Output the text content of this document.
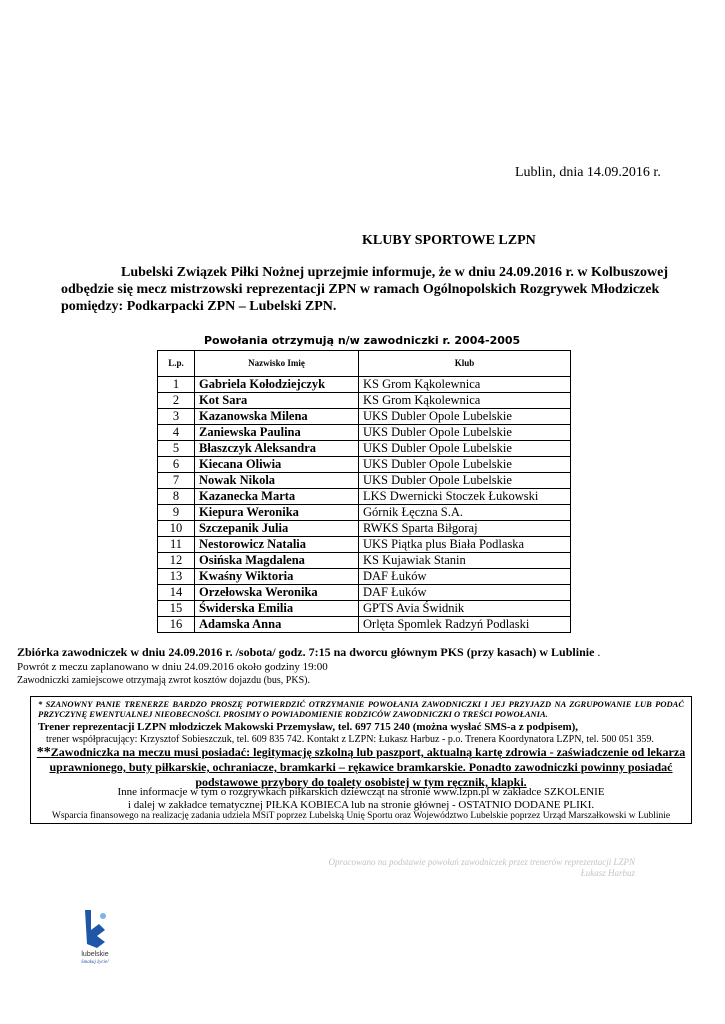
Lublin, dnia 14.09.2016 r.
KLUBY SPORTOWE LZPN
Lubelski Związek Piłki Nożnej uprzejmie informuje, że w dniu 24.09.2016 r. w Kolbuszowej odbędzie się mecz mistrzowski reprezentacji ZPN w ramach Ogólnopolskich Rozgrywek Młodziczek pomiędzy: Podkarpacki ZPN – Lubelski ZPN.
Powołania otrzymują n/w zawodniczki r. 2004-2005
L.p.	Nazwisko Imię	Klub
1	Gabriela Kołodziejczyk	KS Grom Kąkolewnica
2	Kot Sara	KS Grom Kąkolewnica
3	Kazanowska Milena	UKS Dubler Opole Lubelskie
4	Zaniewska Paulina	UKS Dubler Opole Lubelskie
5	Błaszczyk Aleksandra	UKS Dubler Opole Lubelskie
6	Kiecana Oliwia	UKS Dubler Opole Lubelskie
7	Nowak Nikola	UKS Dubler Opole Lubelskie
8	Kazanecka Marta	LKS Dwernicki Stoczek Łukowski
9	Kiepura Weronika	Górnik Łęczna S.A.
10	Szczepanik Julia	RWKS Sparta Biłgoraj
11	Nestorowicz Natalia	UKS Piątka plus Biała Podlaska
12	Osińska Magdalena	KS Kujawiak Stanin
13	Kwaśny Wiktoria	DAF Łuków
14	Orzełowska Weronika	DAF Łuków
15	Świderska Emilia	GPTS Avia Świdnik
16	Adamska Anna	Orlęta Spomlek Radzyń Podlaski
Zbiórka zawodniczek w dniu 24.09.2016 r. /sobota/ godz. 7:15 na dworcu głównym PKS (przy kasach) w Lublinie .
Powrót z meczu zaplanowano w dniu 24.09.2016 około godziny 19:00
Zawodniczki zamiejscowe otrzymają zwrot kosztów dojazdu (bus, PKS).
* SZANOWNY PANIE TRENERZE BARDZO PROSZĘ POTWIERDZIĆ OTRZYMANIE POWOŁANIA ZAWODNICZKI I JEJ PRZYJAZD NA ZGRUPOWANIE LUB PODAĆ PRZYCZYNĘ EWENTUALNEJ NIEOBECNOŚCI. PROSIMY O POWIADOMIENIE RODZICÓW ZAWODNICZKI O TREŚCI POWOŁANIA.
Trener reprezentacji LZPN młodziczek Makowski Przemysław, tel. 697 715 240 (można wysłać SMS-a z podpisem),
trener współpracujący: Krzysztof Sobieszczuk, tel. 609 835 742. Kontakt z LZPN: Łukasz Harbuz - p.o. Trenera Koordynatora LZPN, tel. 500 051 359.
**Zawodniczka na meczu musi posiadać: legitymację szkolną lub paszport, aktualną kartę zdrowia - zaświadczenie od lekarza uprawnionego, buty piłkarskie, ochraniacze, bramkarki – rękawice bramkarskie. Ponadto zawodniczki powinny posiadać podstawowe przybory do toalety osobistej w tym ręcznik, klapki.
Inne informacje w tym o rozgrywkach piłkarskich dziewcząt na stronie www.lzpn.pl w zakładce SZKOLENIE
i dalej w zakładce tematycznej PIŁKA KOBIECA lub na stronie głównej - OSTATNIO DODANE PLIKI.
Wsparcia finansowego na realizację zadania udziela MSiT poprzez Lubelską Unię Sportu oraz Województwo Lubelskie poprzez Urząd Marszałkowski w Lublinie
Opracowano na podstawie powołań zawodniczek przez trenerów reprezentacji LZPN
Łukasz Harbuz
lubelskie
Smakuj życie!
